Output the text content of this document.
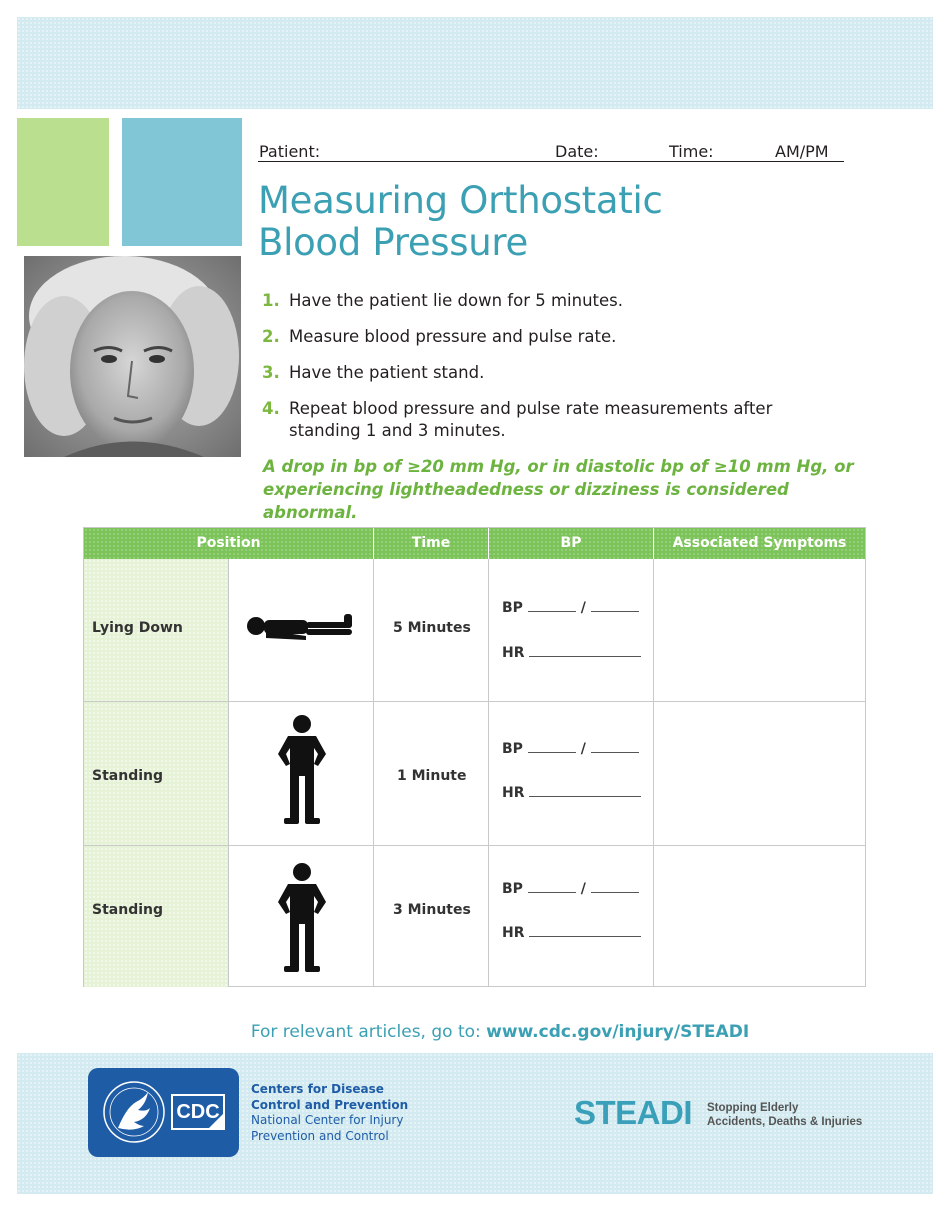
Patient:	Date:	Time:	AM/PM
Measuring Orthostatic
Blood Pressure
1. Have the patient lie down for 5 minutes.
2. Measure blood pressure and pulse rate.
3. Have the patient stand.
4. Repeat blood pressure and pulse rate measurements after standing 1 and 3 minutes.
A drop in bp of ≥20 mm Hg, or in diastolic bp of ≥10 mm Hg, or experiencing lightheadedness or dizziness is considered abnormal.
Position	Time	BP	Associated Symptoms
Lying Down	5 Minutes
BP	/
HR
Standing	1 Minute
BP	/
HR
Standing	3 Minutes
BP	/
HR
For relevant articles, go to: www.cdc.gov/injury/STEADI
CDC
Centers for Disease
Control and Prevention
National Center for Injury
Prevention and Control
STEADI Stopping Elderly
Accidents, Deaths & Injuries
